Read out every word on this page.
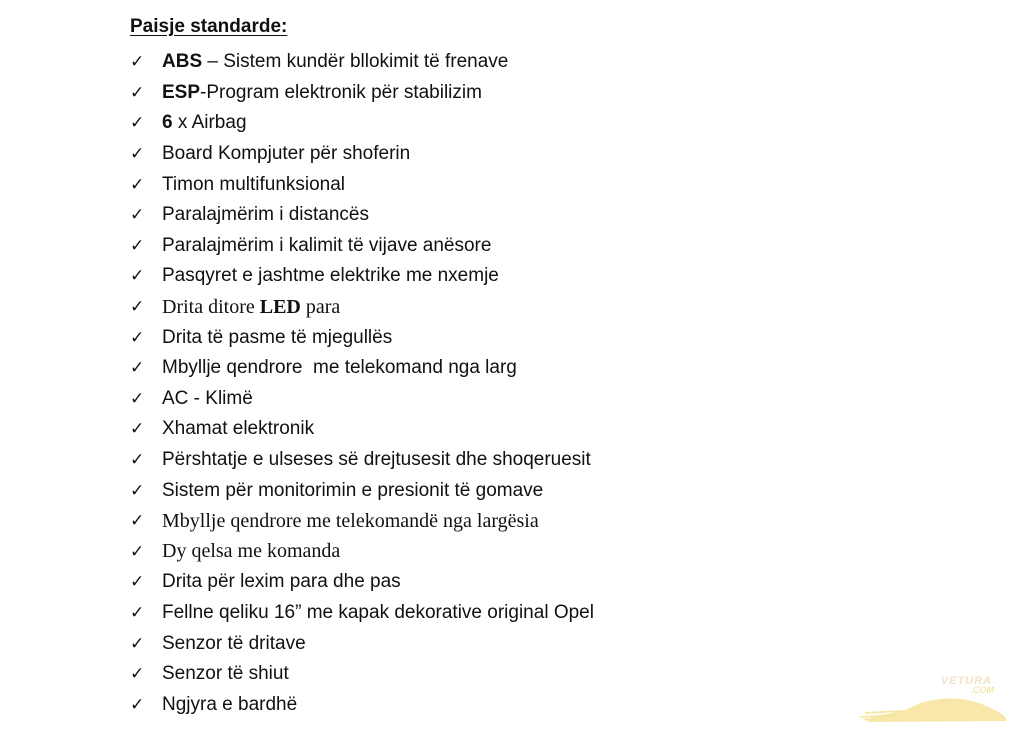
Paisje standarde:
✓ ABS – Sistem kundër bllokimit të frenave
✓ ESP -Program elektronik për stabilizim
✓ 6 x Airbag
✓ Board Kompjuter për shoferin
✓ Timon multifunksional
✓ Paralajmërim i distancës
✓ Paralajmërim i kalimit të vijave anësore
✓ Pasqyret e jashtme elektrike me nxemje
✓ Drita ditore LED para
✓ Drita të pasme të mjegullës
✓ Mbyllje qendrore  me telekomand nga larg
✓ AC - Klimë
✓ Xhamat elektronik
✓ Përshtatje e ulseses së drejtusesit dhe shoqeruesit
✓ Sistem për monitorimin e presionit të gomave
✓ Mbyllje qendrore me telekomandë nga largësia
✓ Dy qelsa me komanda
✓ Drita për lexim para dhe pas
✓ Fellne qeliku 16” me kapak dekorative original Opel
✓ Senzor të dritave
✓ Senzor të shiut
✓ Ngjyra e bardhë
VETURA
.COM
